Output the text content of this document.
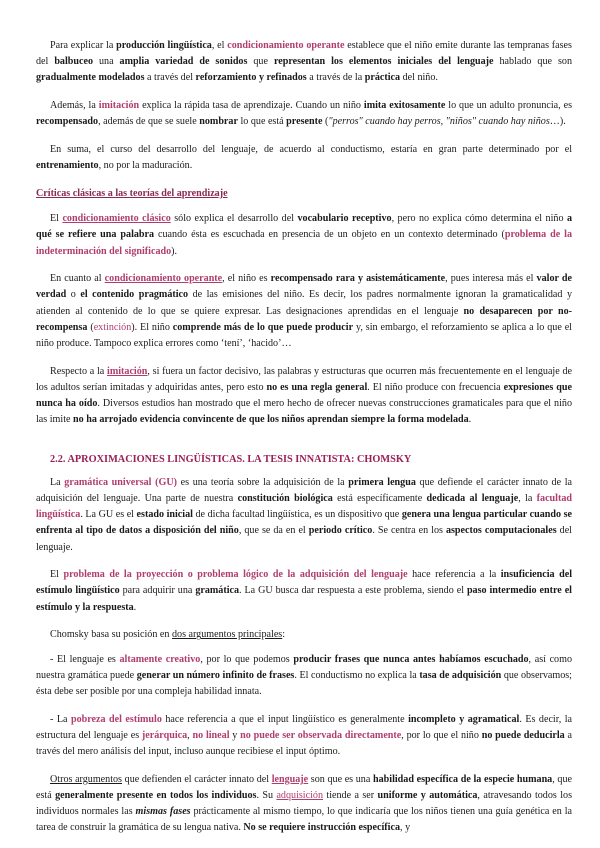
Para explicar la producción lingüística, el condicionamiento operante establece que el niño emite durante las tempranas fases del balbuceo una amplia variedad de sonidos que representan los elementos iniciales del lenguaje hablado que son gradualmente modelados a través del reforzamiento y refinados a través de la práctica del niño.

Además, la imitación explica la rápida tasa de aprendizaje. Cuando un niño imita exitosamente lo que un adulto pronuncia, es recompensado, además de que se suele nombrar lo que está presente ("perros" cuando hay perros, "niños" cuando hay niños…).

En suma, el curso del desarrollo del lenguaje, de acuerdo al conductismo, estaría en gran parte determinado por el entrenamiento, no por la maduración.

Críticas clásicas a las teorías del aprendizaje

El condicionamiento clásico sólo explica el desarrollo del vocabulario receptivo, pero no explica cómo determina el niño a qué se refiere una palabra cuando ésta es escuchada en presencia de un objeto en un contexto determinado (problema de la indeterminación del significado).

En cuanto al condicionamiento operante, el niño es recompensado rara y asistemáticamente, pues interesa más el valor de verdad o el contenido pragmático de las emisiones del niño. Es decir, los padres normalmente ignoran la gramaticalidad y atienden al contenido de lo que se quiere expresar. Las designaciones aprendidas en el lenguaje no desaparecen por no-recompensa (extinción). El niño comprende más de lo que puede producir y, sin embargo, el reforzamiento se aplica a lo que el niño produce. Tampoco explica errores como ‘tení’, ‘hacido’…

Respecto a la imitación, si fuera un factor decisivo, las palabras y estructuras que ocurren más frecuentemente en el lenguaje de los adultos serían imitadas y adquiridas antes, pero esto no es una regla general. El niño produce con frecuencia expresiones que nunca ha oído. Diversos estudios han mostrado que el mero hecho de ofrecer nuevas construcciones gramaticales para que el niño las imite no ha arrojado evidencia convincente de que los niños aprendan siempre la forma modelada.

2.2. APROXIMACIONES LINGÜÍSTICAS. LA TESIS INNATISTA: CHOMSKY

La gramática universal (GU) es una teoría sobre la adquisición de la primera lengua que defiende el carácter innato de la adquisición del lenguaje. Una parte de nuestra constitución biológica está específicamente dedicada al lenguaje, la facultad lingüística. La GU es el estado inicial de dicha facultad lingüística, es un dispositivo que genera una lengua particular cuando se enfrenta al tipo de datos a disposición del niño, que se da en el periodo crítico. Se centra en los aspectos computacionales del lenguaje.

El problema de la proyección o problema lógico de la adquisición del lenguaje hace referencia a la insuficiencia del estímulo lingüístico para adquirir una gramática. La GU busca dar respuesta a este problema, siendo el paso intermedio entre el estímulo y la respuesta.

Chomsky basa su posición en dos argumentos principales:

- El lenguaje es altamente creativo, por lo que podemos producir frases que nunca antes habíamos escuchado, así como nuestra gramática puede generar un número infinito de frases. El conductismo no explica la tasa de adquisición que observamos; ésta debe ser posible por una compleja habilidad innata.

- La pobreza del estímulo hace referencia a que el input lingüístico es generalmente incompleto y agramatical. Es decir, la estructura del lenguaje es jerárquica, no lineal y no puede ser observada directamente, por lo que el niño no puede deducirla a través del mero análisis del input, incluso aunque recibiese el input óptimo.

Otros argumentos que defienden el carácter innato del lenguaje son que es una habilidad específica de la especie humana, que está generalmente presente en todos los individuos. Su adquisición tiende a ser uniforme y automática, atravesando todos los individuos normales las mismas fases prácticamente al mismo tiempo, lo que indicaría que los niños tienen una guía genética en la tarea de construir la gramática de su lengua nativa. No se requiere instrucción específica, y
